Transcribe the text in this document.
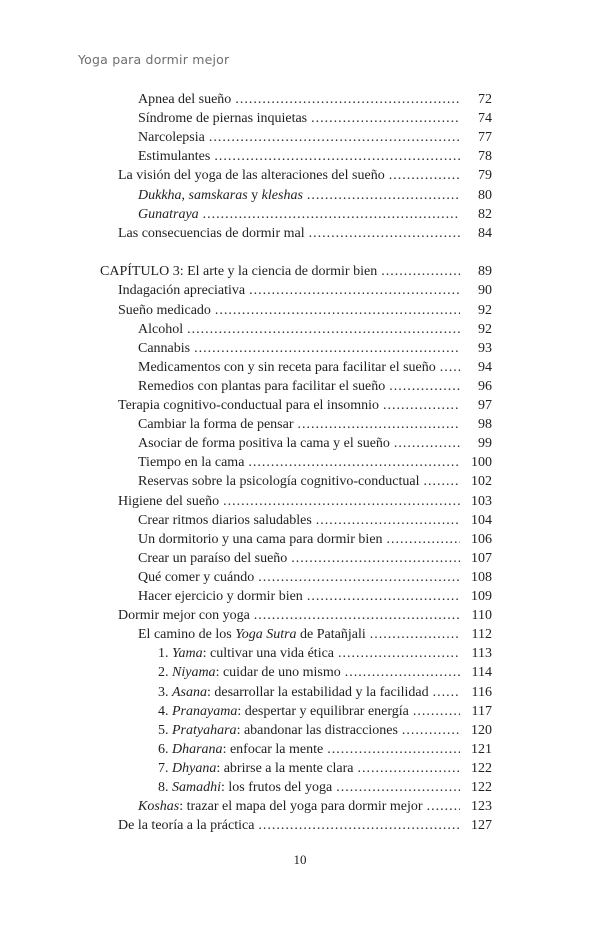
Yoga para dormir mejor
Apnea del sueño .....	72
Síndrome de piernas inquietas .....	74
Narcolepsia .....	77
Estimulantes .....	78
La visión del yoga de las alteraciones del sueño .....	79
Dukkha, samskaras y kleshas .....	80
Gunatraya .....	82
Las consecuencias de dormir mal .....	84
CAPÍTULO 3: El arte y la ciencia de dormir bien .....	89
Indagación apreciativa .....	90
Sueño medicado .....	92
Alcohol .....	92
Cannabis .....	93
Medicamentos con y sin receta para facilitar el sueño .....	94
Remedios con plantas para facilitar el sueño .....	96
Terapia cognitivo-conductual para el insomnio .....	97
Cambiar la forma de pensar .....	98
Asociar de forma positiva la cama y el sueño .....	99
Tiempo en la cama .....	100
Reservas sobre la psicología cognitivo-conductual .....	102
Higiene del sueño .....	103
Crear ritmos diarios saludables .....	104
Un dormitorio y una cama para dormir bien .....	106
Crear un paraíso del sueño .....	107
Qué comer y cuándo .....	108
Hacer ejercicio y dormir bien .....	109
Dormir mejor con yoga .....	110
El camino de los Yoga Sutra de Patañjali .....	112
1. Yama: cultivar una vida ética .....	113
2. Niyama: cuidar de uno mismo .....	114
3. Asana: desarrollar la estabilidad y la facilidad .....	116
4. Pranayama: despertar y equilibrar energía .....	117
5. Pratyahara: abandonar las distracciones .....	120
6. Dharana: enfocar la mente .....	121
7. Dhyana: abrirse a la mente clara .....	122
8. Samadhi: los frutos del yoga .....	122
Koshas: trazar el mapa del yoga para dormir mejor .....	123
De la teoría a la práctica .....	127
10
